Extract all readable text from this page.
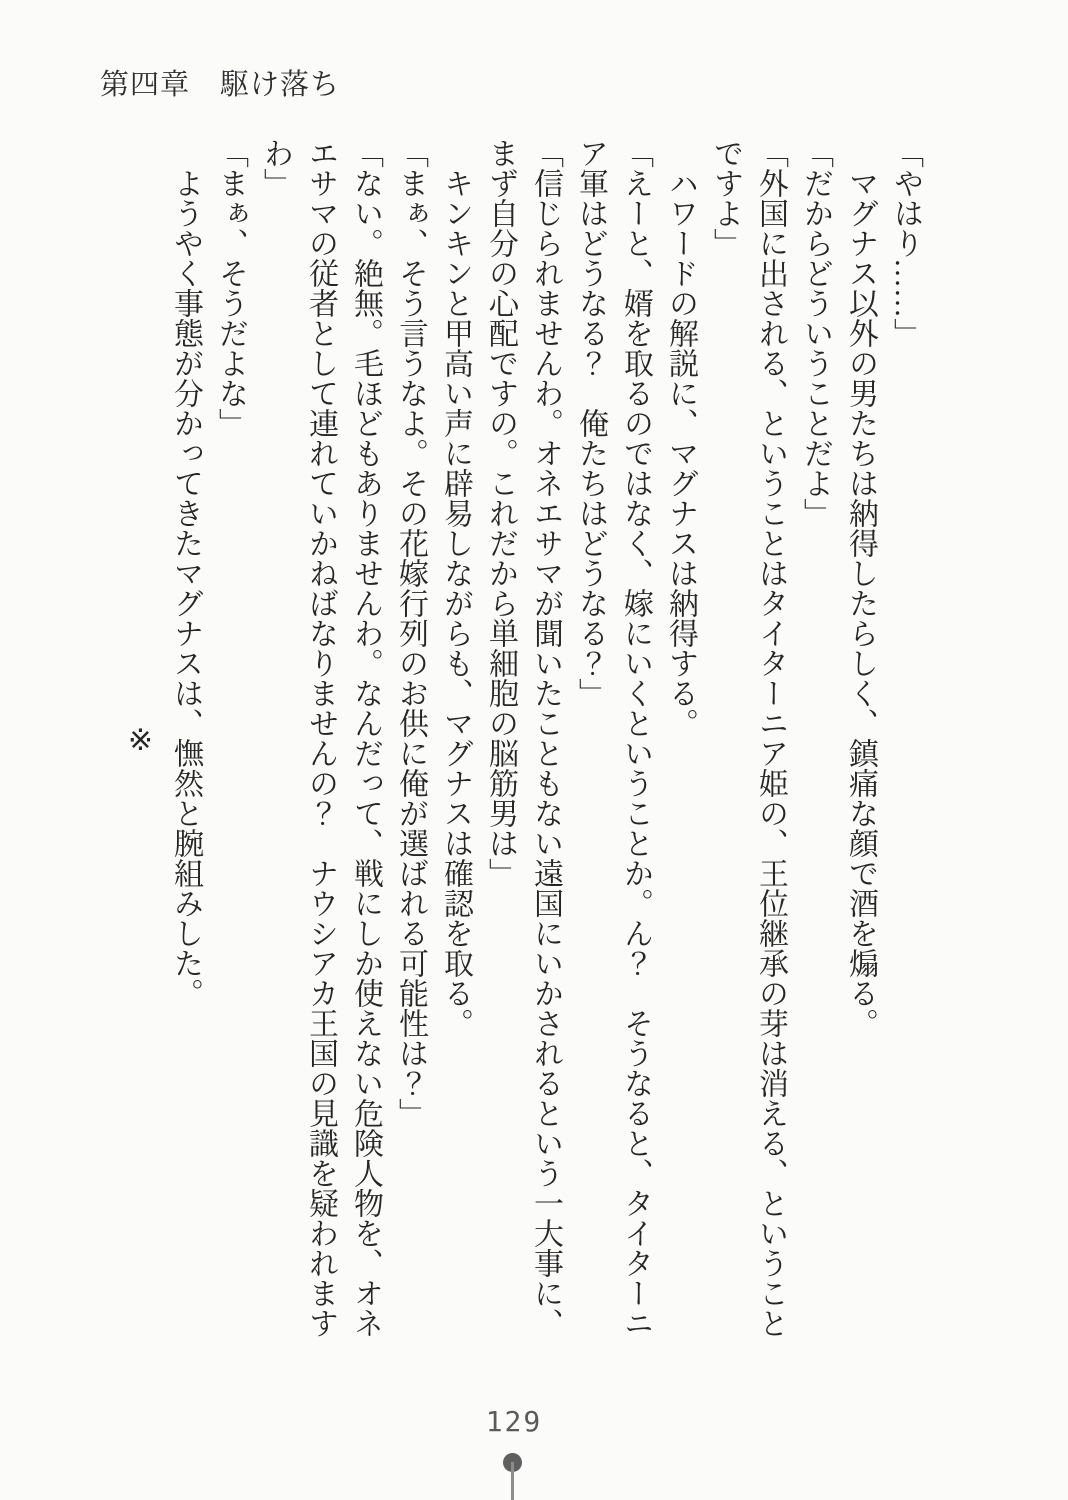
第四章　駆け落ち

「やはり……」

マグナス以外の男たちは納得したらしく、鎮痛な顔で酒を煽る。

「だからどういうことだよ」

「外国に出される、ということはタイターニア姫の、王位継承の芽は消える、ということですよ」

ハワードの解説に、マグナスは納得する。

「えーと、婿を取るのではなく、嫁にいくということか。ん？　そうなると、タイターニア軍はどうなる？　俺たちはどうなる？」

「信じられませんわ。オネエサマが聞いたこともない遠国にいかされるという一大事に、まず自分の心配ですの。これだから単細胞の脳筋男は」

キンキンと甲高い声に辟易しながらも、マグナスは確認を取る。

「まぁ、そう言うなよ。その花嫁行列のお供に俺が選ばれる可能性は？」

「ない。絶無。毛ほどもありませんわ。なんだって、戦にしか使えない危険人物を、オネエサマの従者として連れていかねばなりませんの？　ナウシアカ王国の見識を疑われますわ」

「まぁ、そうだよな」

ようやく事態が分かってきたマグナスは、憮然と腕組みした。

※

129
